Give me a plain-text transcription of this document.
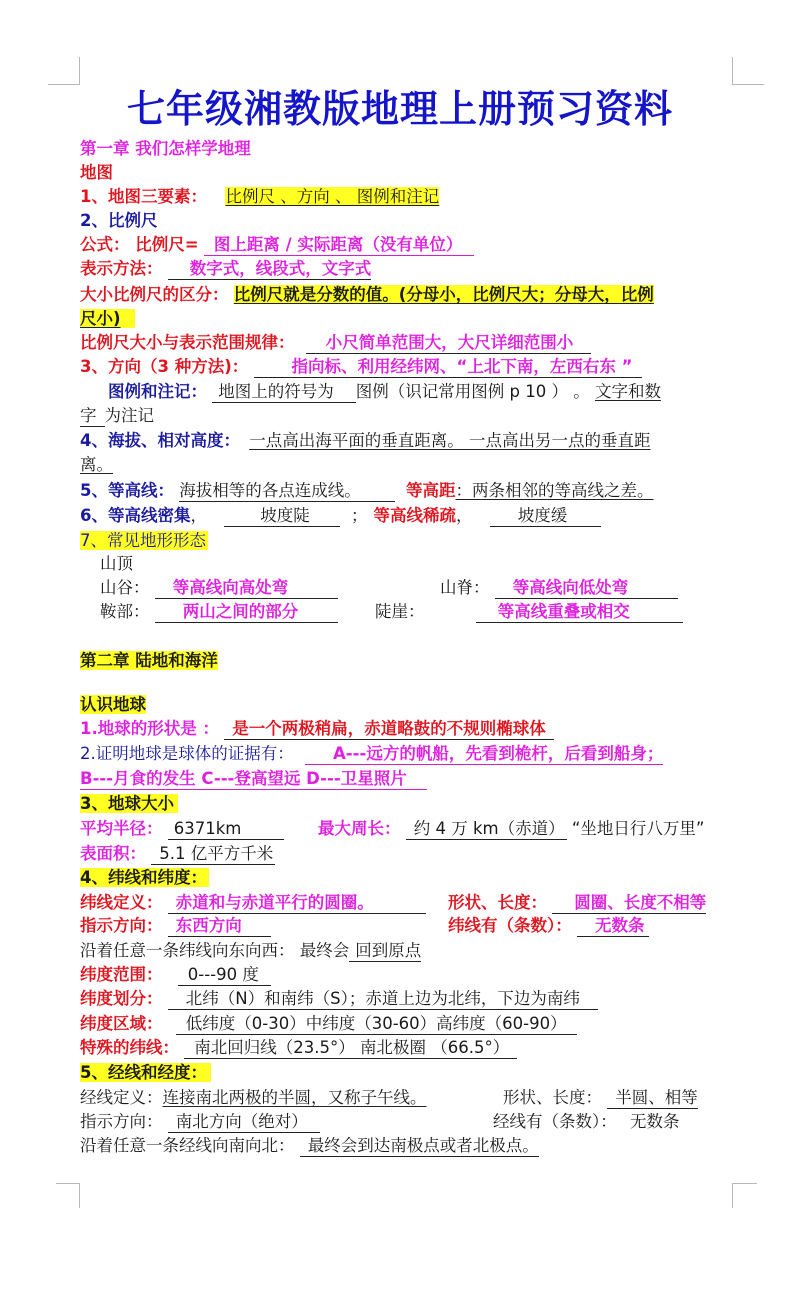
七年级湘教版地理上册预习资料
第一章 我们怎样学地理
地图
1、地图三要素： 比例尺 、方向 、 图例和注记
2、比例尺
公式： 比例尺= 图上距离 / 实际距离（没有单位）
表示方法： 数字式，线段式，文字式
大小比例尺的区分： 比例尺就是分数的值。(分母小，比例尺大；分母大，比例
尺小)
比例尺大小与表示范围规律： 小尺简单范围大，大尺详细范围小
3、方向（3 种方法)：	指向标、利用经纬网、“上北下南，左西右东 ”
图例和注记： 地图上的符号为 图例（识记常用图例 p 10 ） 。 文字和数
字 为注记
4、海拔、相对高度： 一点高出海平面的垂直距离。 一点高出另一点的垂直距
离。
5、等高线： 海拔相等的各点连成线。	等高距：两条相邻的等高线之差。
6、等高线密集，	坡度陡	； 等高线稀疏，	坡度缓
7、常见地形形态
山顶
山谷： 等高线向高处弯	山脊： 等高线向低处弯
鞍部： 两山之间的部分	陡崖：	等高线重叠或相交
第二章 陆地和海洋
认识地球
1.地球的形状是 ： 是一个两极稍扁，赤道略鼓的不规则椭球体
2.证明地球是球体的证据有： A---远方的帆船，先看到桅杆，后看到船身；
B---月食的发生 C---登高望远 D---卫星照片
3、地球大小
平均半径： 6371km	最大周长： 约 4 万 km（赤道） “坐地日行八万里”
表面积： 5.1 亿平方千米
4、纬线和纬度：
纬线定义： 赤道和与赤道平行的圆圈。	形状、长度： 圆圈、长度不相等
指示方向： 东西方向	纬线有（条数）： 无数条
沿着任意一条纬线向东向西： 最终会 回到原点
纬度范围： 0---90 度
纬度划分： 北纬（N）和南纬（S）；赤道上边为北纬，下边为南纬
纬度区域： 低纬度（0-30）中纬度（30-60）高纬度（60-90）
特殊的纬线： 南北回归线（23.5°） 南北极圈 （66.5°）
5、经线和经度：
经线定义：连接南北两极的半圆，又称子午线。	形状、长度： 半圆、相等
指示方向： 南北方向（绝对）	经线有（条数）： 无数条
沿着任意一条经线向南向北： 最终会到达南极点或者北极点。
